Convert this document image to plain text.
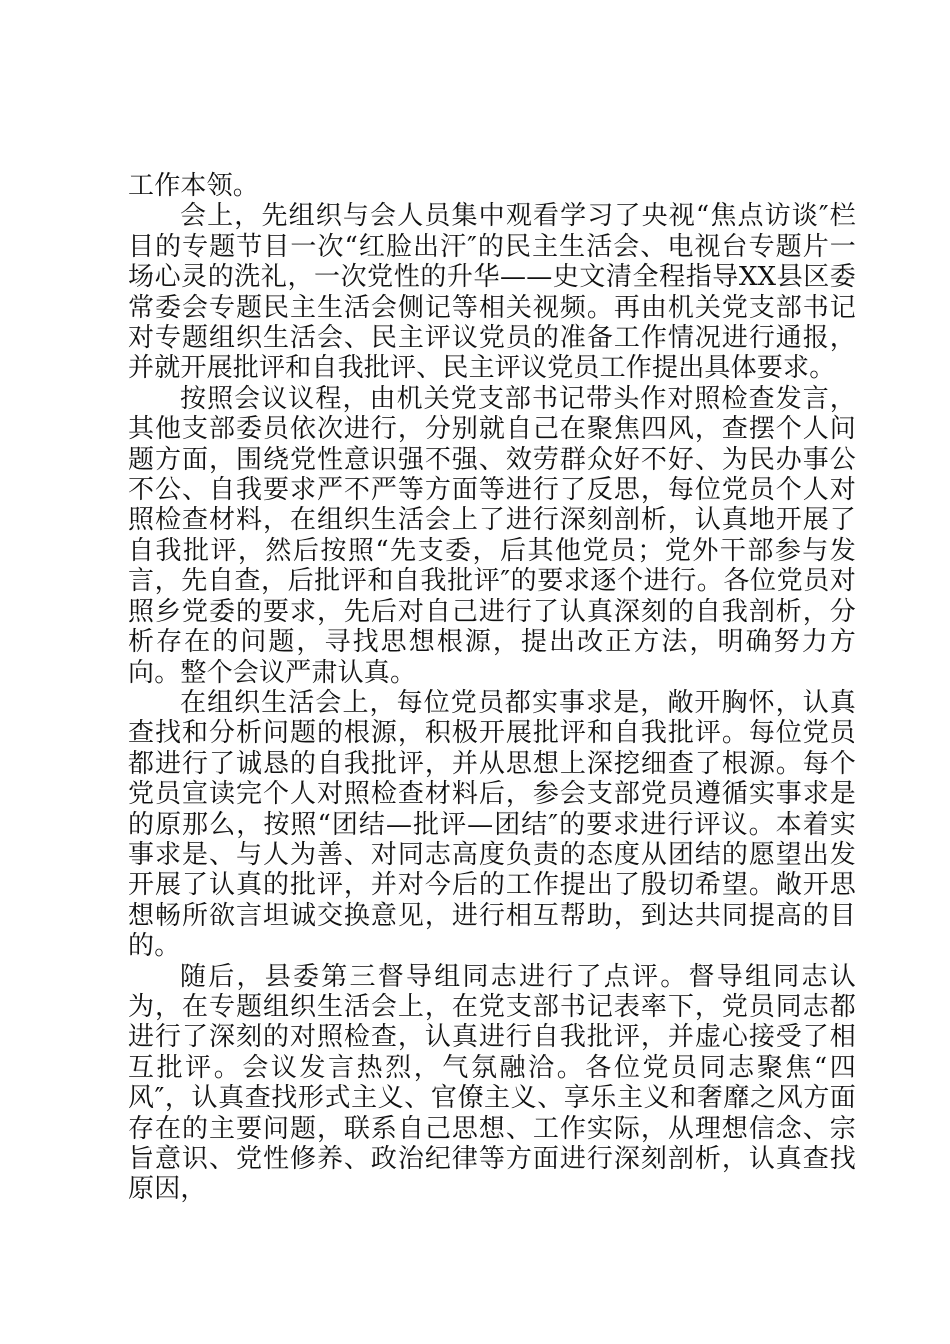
工作本领。

会上，先组织与会人员集中观看学习了央视“焦点访谈″栏目的专题节目一次“红脸出汗″的民主生活会、电视台专题片一场心灵的洗礼，一次党性的升华——史文清全程指导XX县区委常委会专题民主生活会侧记等相关视频。再由机关党支部书记对专题组织生活会、民主评议党员的准备工作情况进行通报，并就开展批评和自我批评、民主评议党员工作提出具体要求。

按照会议议程，由机关党支部书记带头作对照检查发言，其他支部委员依次进行，分别就自己在聚焦四风，查摆个人问题方面，围绕党性意识强不强、效劳群众好不好、为民办事公不公、自我要求严不严等方面等进行了反思，每位党员个人对照检查材料，在组织生活会上了进行深刻剖析，认真地开展了自我批评，然后按照“先支委，后其他党员；党外干部参与发言，先自查，后批评和自我批评″的要求逐个进行。各位党员对照乡党委的要求，先后对自己进行了认真深刻的自我剖析，分析存在的问题，寻找思想根源，提出改正方法，明确努力方向。整个会议严肃认真。

在组织生活会上，每位党员都实事求是，敞开胸怀，认真查找和分析问题的根源，积极开展批评和自我批评。每位党员都进行了诚恳的自我批评，并从思想上深挖细查了根源。每个党员宣读完个人对照检查材料后，参会支部党员遵循实事求是的原那么，按照“团结—批评—团结″的要求进行评议。本着实事求是、与人为善、对同志高度负责的态度从团结的愿望出发开展了认真的批评，并对今后的工作提出了殷切希望。敞开思想畅所欲言坦诚交换意见，进行相互帮助，到达共同提高的目的。

随后，县委第三督导组同志进行了点评。督导组同志认为，在专题组织生活会上，在党支部书记表率下，党员同志都进行了深刻的对照检查，认真进行自我批评，并虚心接受了相互批评。会议发言热烈，气氛融洽。各位党员同志聚焦“四风″，认真查找形式主义、官僚主义、享乐主义和奢靡之风方面存在的主要问题，联系自己思想、工作实际，从理想信念、宗旨意识、党性修养、政治纪律等方面进行深刻剖析，认真查找原因，
